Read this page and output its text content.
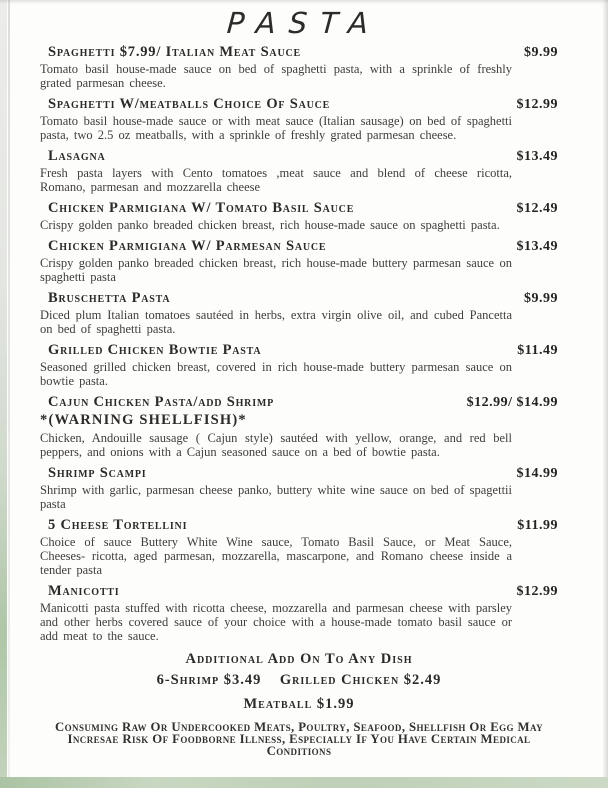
PASTA
Spaghetti $7.99/ Italian Meat Sauce	$9.99
Tomato basil house-made sauce on bed of spaghetti pasta, with a sprinkle of freshly grated parmesan cheese.
Spaghetti W/meatballs Choice Of Sauce	$12.99
Tomato basil house-made sauce or with meat sauce (Italian sausage) on bed of spaghetti pasta, two 2.5 oz meatballs, with a sprinkle of freshly grated parmesan cheese.
Lasagna	$13.49
Fresh pasta layers with Cento tomatoes ,meat sauce and blend of cheese ricotta, Romano, parmesan and mozzarella cheese
Chicken Parmigiana W/ Tomato Basil Sauce	$12.49
Crispy golden panko breaded chicken breast, rich house-made sauce on spaghetti pasta.
Chicken Parmigiana W/ Parmesan Sauce	$13.49
Crispy golden panko breaded chicken breast, rich house-made buttery parmesan sauce on spaghetti pasta
Bruschetta Pasta	$9.99
Diced plum Italian tomatoes sautéed in herbs, extra virgin olive oil, and cubed Pancetta on bed of spaghetti pasta.
Grilled Chicken Bowtie Pasta	$11.49
Seasoned grilled chicken breast, covered in rich house-made buttery parmesan sauce on bowtie pasta.
Cajun Chicken Pasta/add Shrimp	$12.99/ $14.99
*(WARNING SHELLFISH)*
Chicken, Andouille sausage ( Cajun style) sautéed with yellow, orange, and red bell peppers, and onions with a Cajun seasoned sauce on a bed of bowtie pasta.
Shrimp Scampi	$14.99
Shrimp with garlic, parmesan cheese panko, buttery white wine sauce on bed of spagettii pasta
5 Cheese Tortellini	$11.99
Choice of sauce Buttery White Wine sauce, Tomato Basil Sauce, or Meat Sauce, Cheeses- ricotta, aged parmesan, mozzarella, mascarpone, and Romano cheese inside a tender pasta
Manicotti	$12.99
Manicotti pasta stuffed with ricotta cheese, mozzarella and parmesan cheese with parsley and other herbs covered sauce of your choice with a house-made tomato basil sauce or add meat to the sauce.
Additional Add On To Any Dish
6-Shrimp $3.49    Grilled Chicken $2.49
Meatball $1.99
Consuming Raw Or Undercooked Meats, Poultry, Seafood, Shellfish Or Egg May Incresae Risk Of Foodborne Illness, Especially If You Have Certain Medical Conditions
